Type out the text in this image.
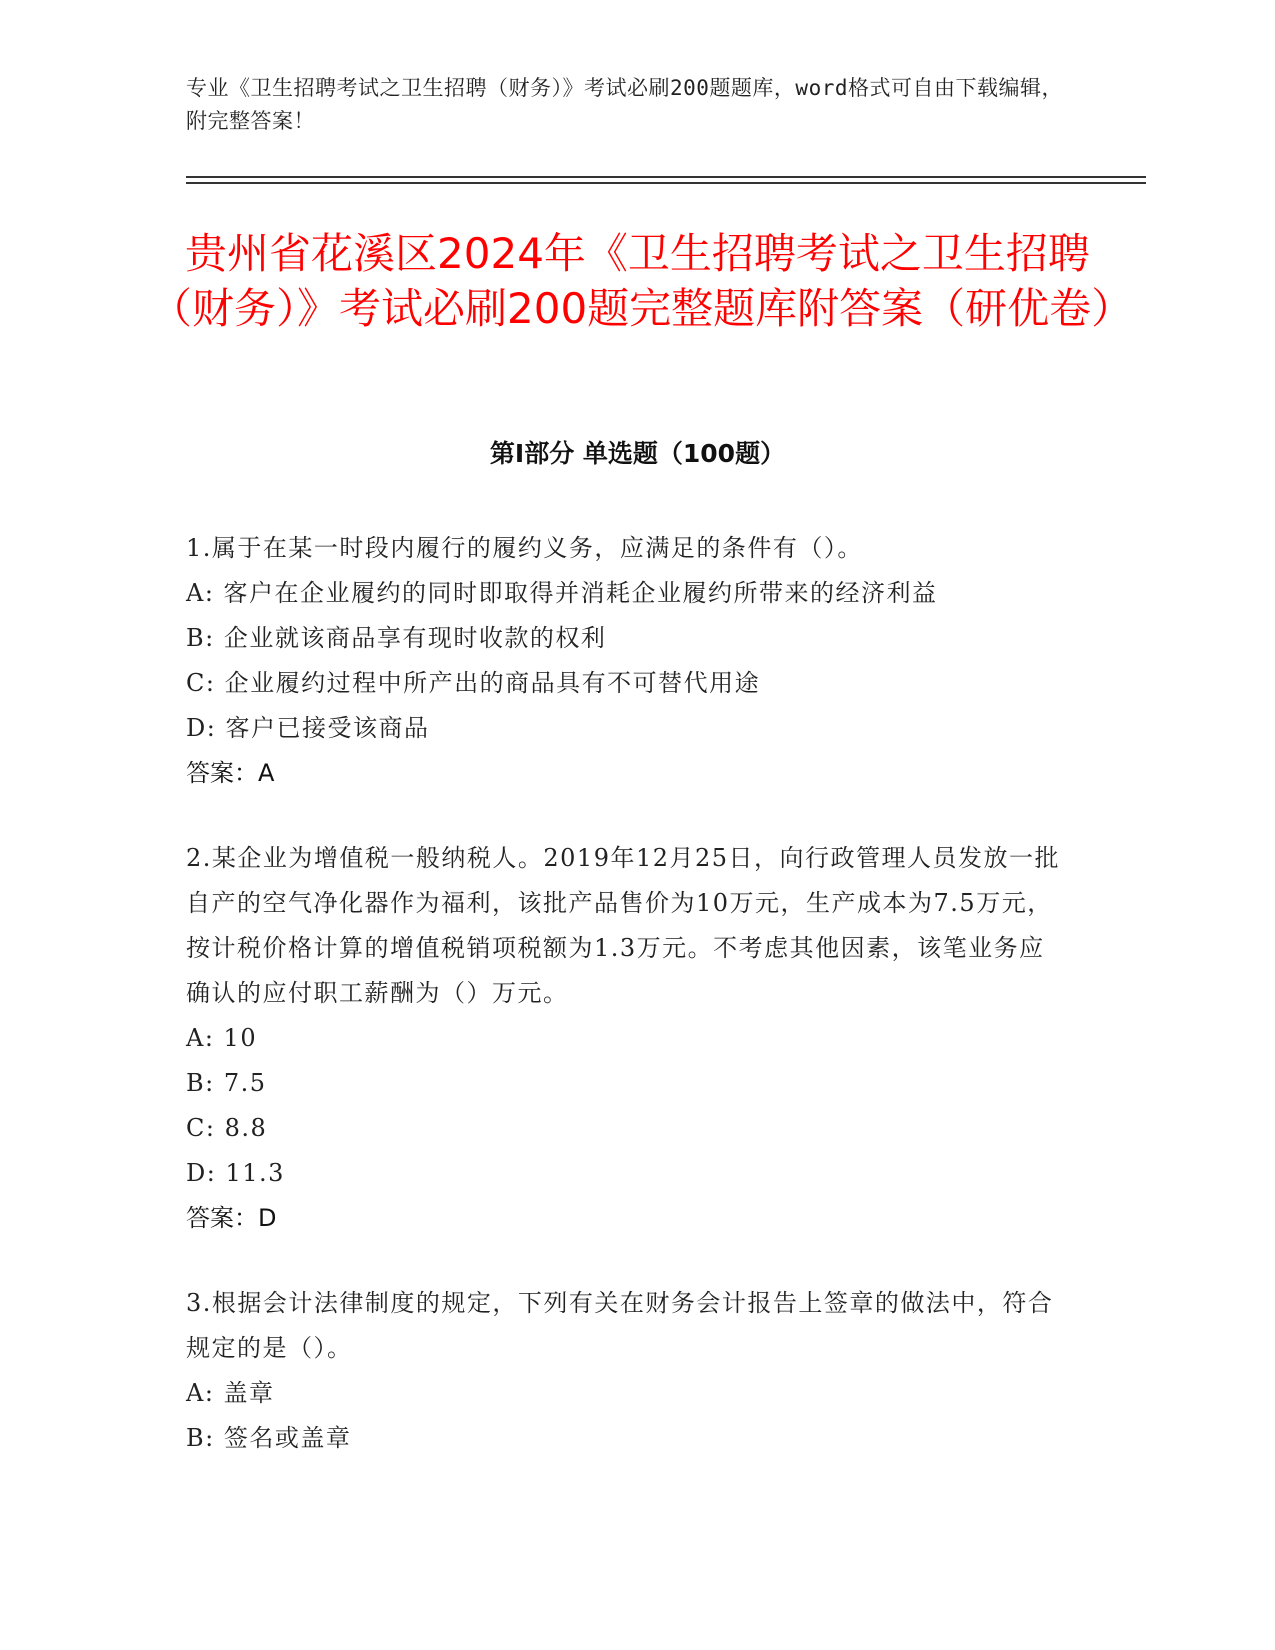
专业《卫生招聘考试之卫生招聘（财务）》考试必刷200题题库，word格式可自由下载编辑，附完整答案！
贵州省花溪区2024年《卫生招聘考试之卫生招聘（财务）》考试必刷200题完整题库附答案（研优卷）
第Ⅰ部分 单选题（100题）

1.属于在某一时段内履行的履约义务，应满足的条件有（）。

A: 客户在企业履约的同时即取得并消耗企业履约所带来的经济利益

B: 企业就该商品享有现时收款的权利

C: 企业履约过程中所产出的商品具有不可替代用途

D: 客户已接受该商品

答案：A

2.某企业为增值税一般纳税人。2019年12月25日，向行政管理人员发放一批自产的空气净化器作为福利，该批产品售价为10万元，生产成本为7.5万元，按计税价格计算的增值税销项税额为1.3万元。不考虑其他因素，该笔业务应确认的应付职工薪酬为（）万元。

A: 10

B: 7.5

C: 8.8

D: 11.3

答案：D

3.根据会计法律制度的规定，下列有关在财务会计报告上签章的做法中，符合规定的是（）。

A: 盖章

B: 签名或盖章
